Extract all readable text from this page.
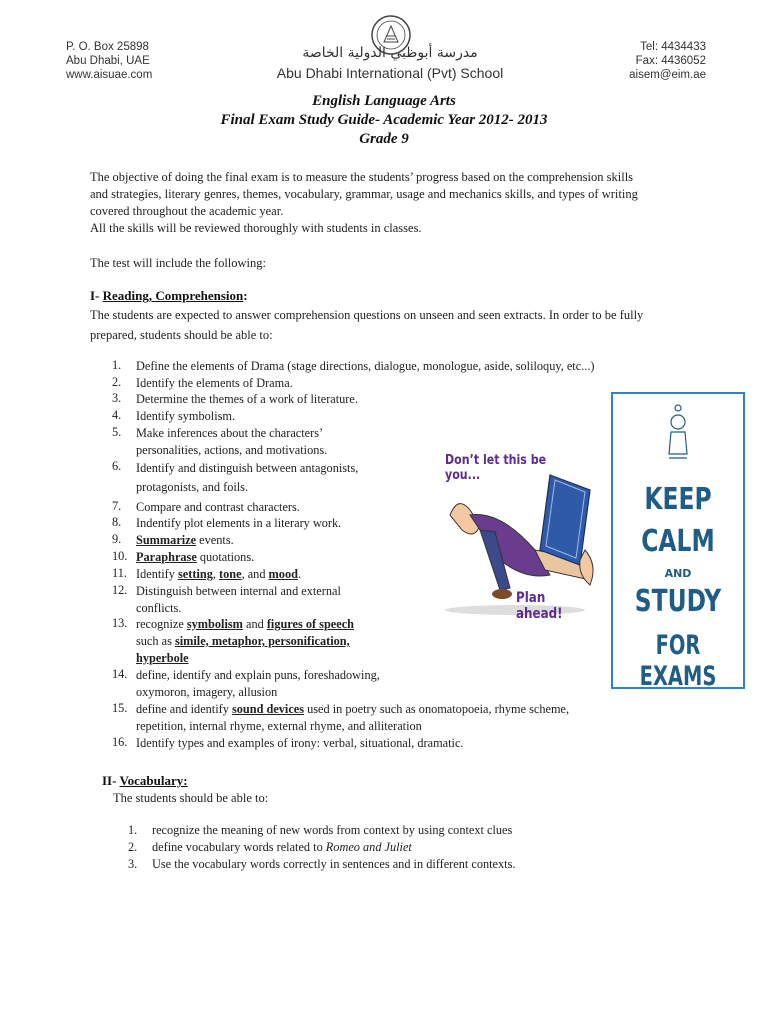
P. O. Box 25898
Abu Dhabi, UAE
www.aisuae.com
مدرسة أبوظبي الدولية الخاصة
Abu Dhabi International (Pvt) School
Tel: 4434433
Fax: 4436052
aisem@eim.ae
English Language Arts
Final Exam Study Guide- Academic Year 2012- 2013
Grade 9
The objective of doing the final exam is to measure the students’ progress based on the comprehension skills and strategies, literary genres, themes, vocabulary, grammar, usage and mechanics skills, and types of writing covered throughout the academic year.
All the skills will be reviewed thoroughly with students in classes.
The test will include the following:
I- Reading, Comprehension:
The students are expected to answer comprehension questions on unseen and seen extracts. In order to be fully prepared, students should be able to:
1.	Define the elements of Drama (stage directions, dialogue, monologue, aside, soliloquy, etc...)
2.	Identify the elements of Drama.
3.	Determine the themes of a work of literature.
4.	Identify symbolism.
5.	Make inferences about the characters’
personalities, actions, and motivations.
6.	Identify and distinguish between antagonists,
protagonists, and foils.
7.	Compare and contrast characters.
8.	Indentify plot elements in a literary work.
9.	Summarize events.
10. Paraphrase quotations.
11. Identify setting, tone, and mood.
12. Distinguish between internal and external
conflicts.
13. recognize symbolism and figures of speech
such as simile, metaphor, personification,
hyperbole
14. define, identify and explain puns, foreshadowing,
oxymoron, imagery, allusion
15. define and identify sound devices used in poetry such as onomatopoeia, rhyme scheme,
repetition, internal rhyme, external rhyme, and alliteration
16. Identify types and examples of irony: verbal, situational, dramatic.
Don’t let this be you...
Plan ahead!
KEEP
CALM
AND
STUDY
FOR EXAMS
II- Vocabulary:
The students should be able to:
1.	recognize the meaning of new words from context by using context clues
2.	define vocabulary words related to Romeo and Juliet
3.	Use the vocabulary words correctly in sentences and in different contexts.
